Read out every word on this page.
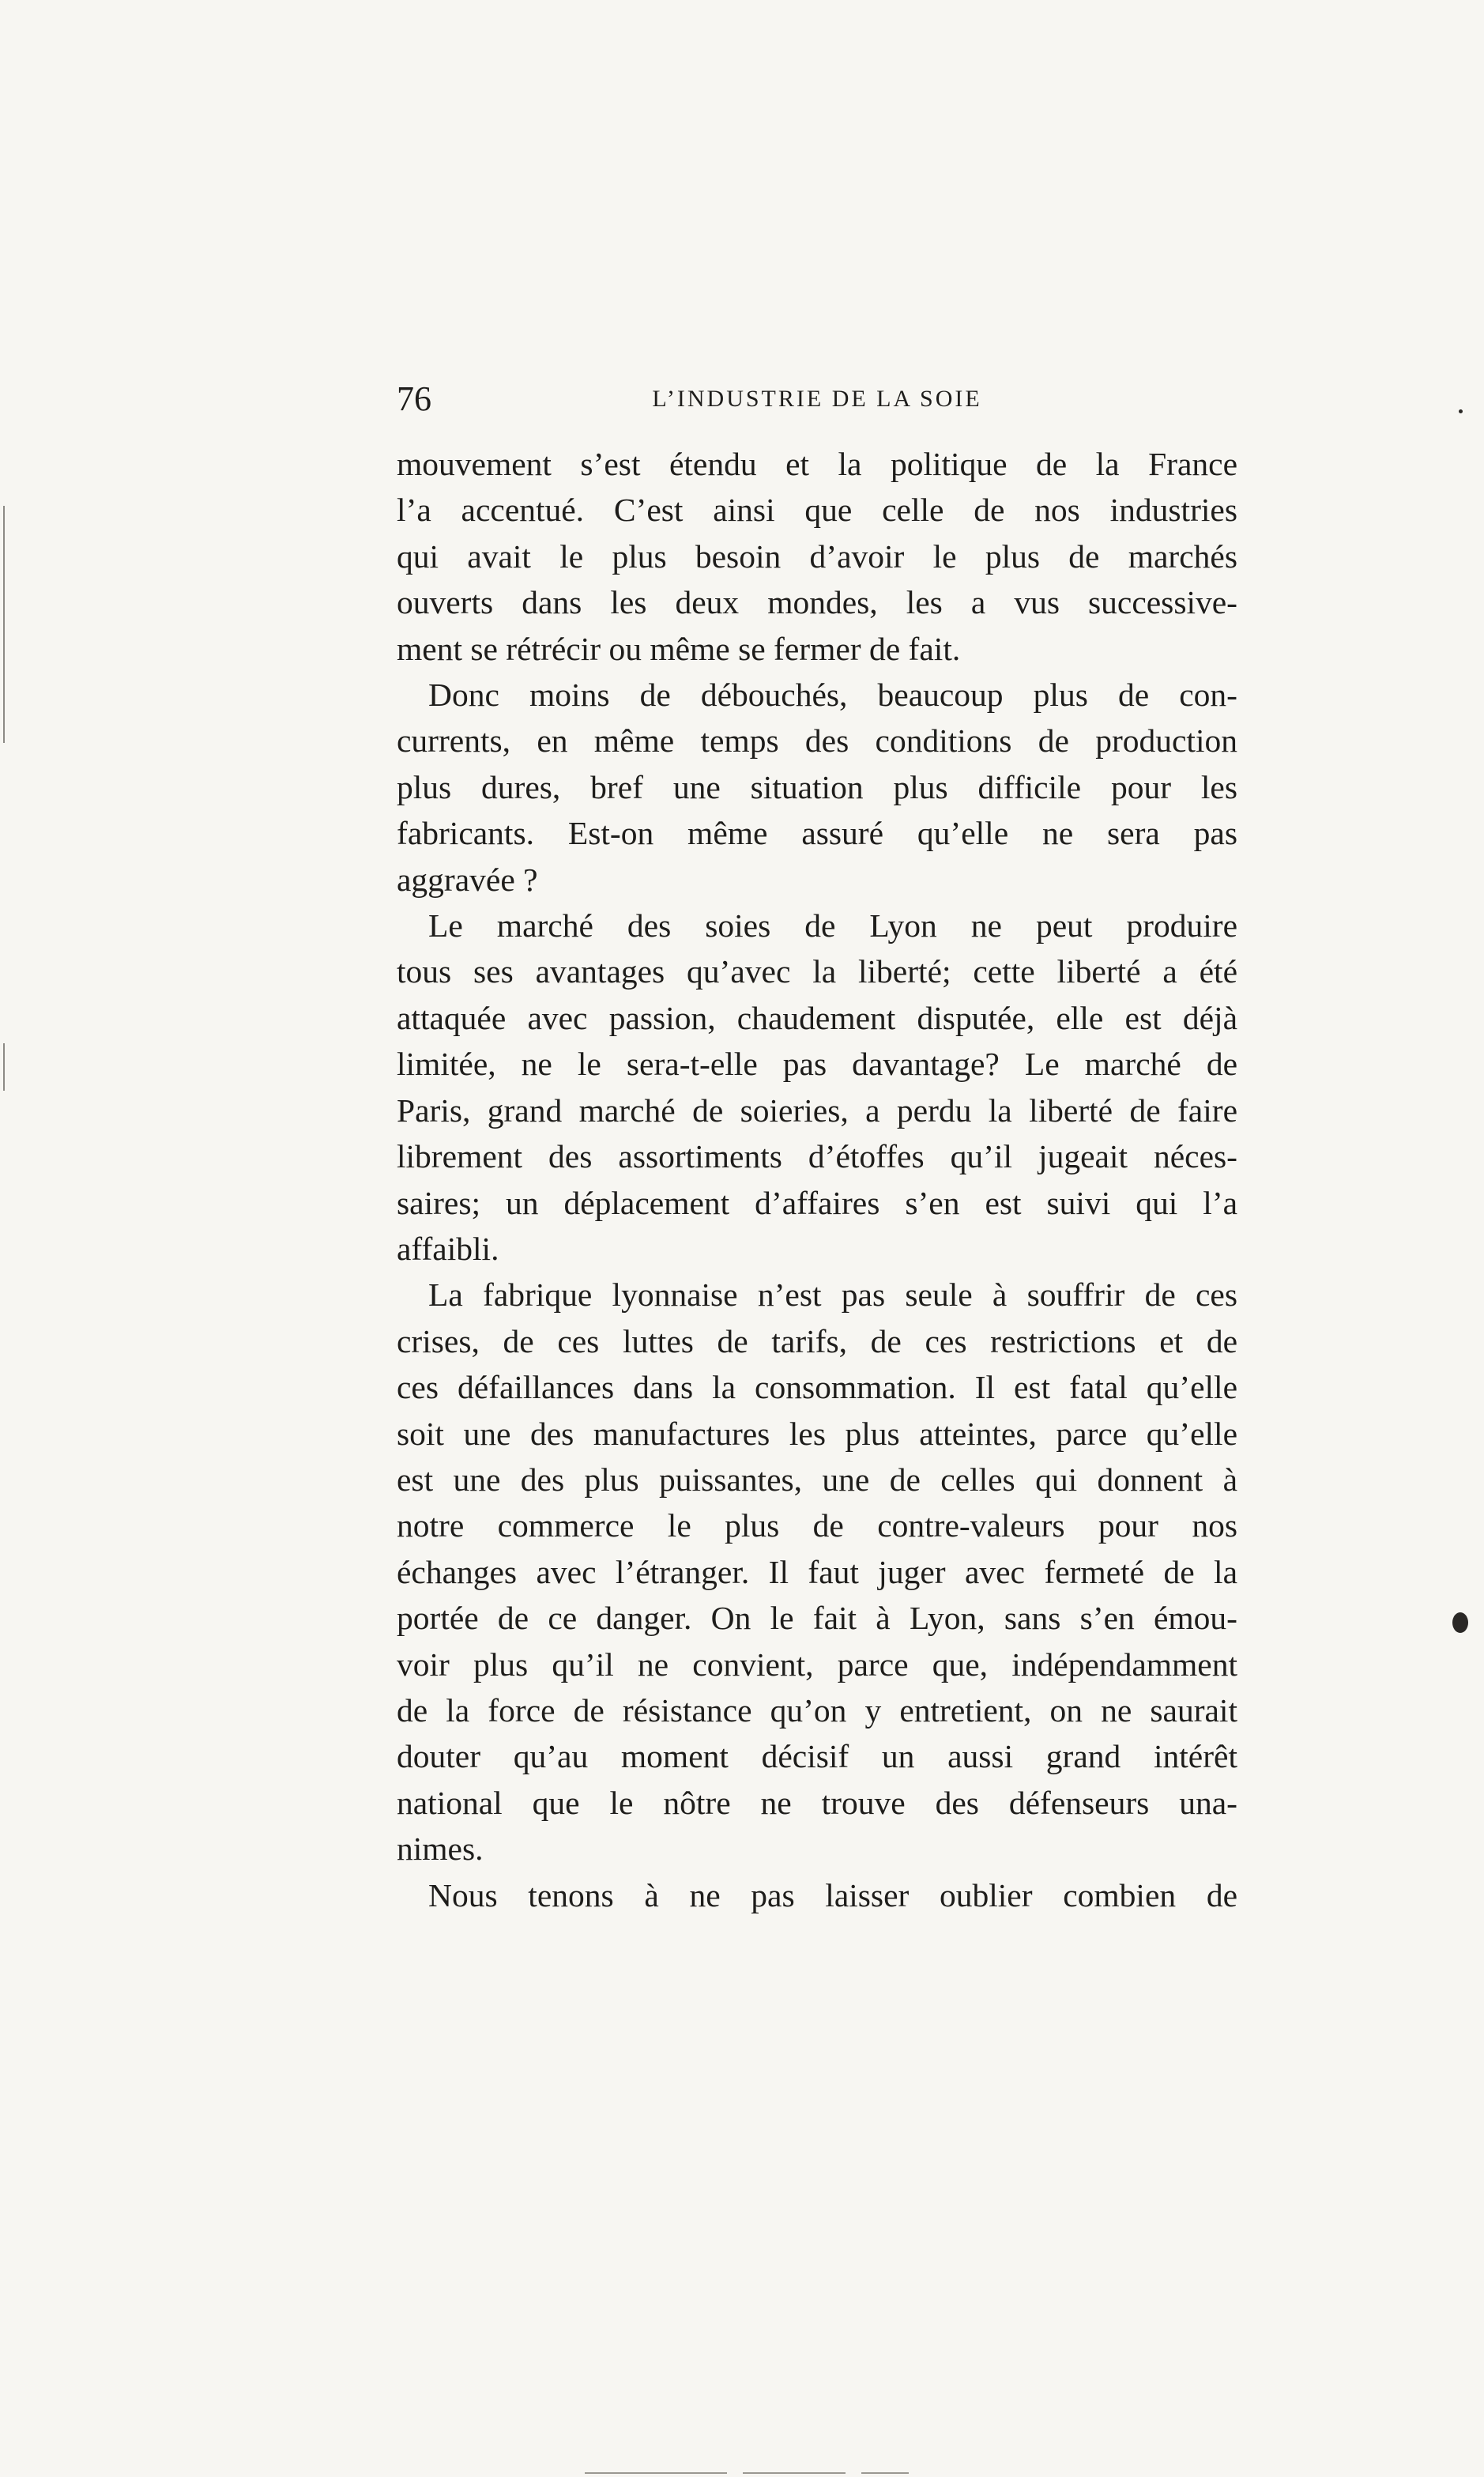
76	L’INDUSTRIE DE LA SOIE

mouvement s’est étendu et la politique de la France
l’a accentué. C’est ainsi que celle de nos industries
qui avait le plus besoin d’avoir le plus de marchés
ouverts dans les deux mondes, les a vus successive-
ment se rétrécir ou même se fermer de fait.

Donc moins de débouchés, beaucoup plus de con-
currents, en même temps des conditions de production
plus dures, bref une situation plus difficile pour les
fabricants. Est-on même assuré qu’elle ne sera pas
aggravée ?

Le marché des soies de Lyon ne peut produire
tous ses avantages qu’avec la liberté; cette liberté a été
attaquée avec passion, chaudement disputée, elle est déjà
limitée, ne le sera-t-elle pas davantage? Le marché de
Paris, grand marché de soieries, a perdu la liberté de faire
librement des assortiments d’étoffes qu’il jugeait néces-
saires; un déplacement d’affaires s’en est suivi qui l’a
affaibli.

La fabrique lyonnaise n’est pas seule à souffrir de ces
crises, de ces luttes de tarifs, de ces restrictions et de
ces défaillances dans la consommation. Il est fatal qu’elle
soit une des manufactures les plus atteintes, parce qu’elle
est une des plus puissantes, une de celles qui donnent à
notre commerce le plus de contre-valeurs pour nos
échanges avec l’étranger. Il faut juger avec fermeté de la
portée de ce danger. On le fait à Lyon, sans s’en émou-
voir plus qu’il ne convient, parce que, indépendamment
de la force de résistance qu’on y entretient, on ne saurait
douter qu’au moment décisif un aussi grand intérêt
national que le nôtre ne trouve des défenseurs una-
nimes.

Nous tenons à ne pas laisser oublier combien de
